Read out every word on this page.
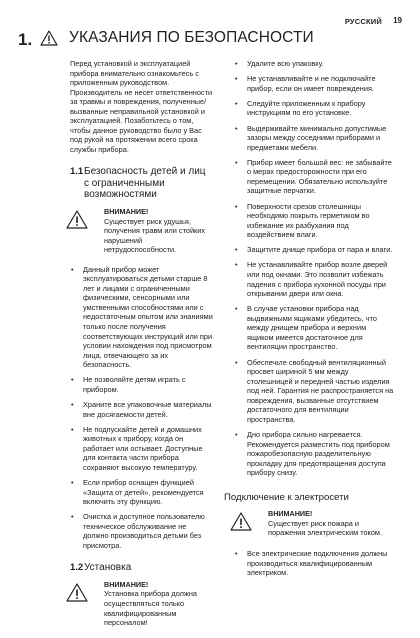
РУССКИЙ 19
1. УКАЗАНИЯ ПО БЕЗОПАСНОСТИ

Перед установкой и эксплуатацией прибора внимательно ознакомьтесь с приложенным руководством. Производитель не несет ответственности за травмы и повреждения, полученные/вызванные неправильной установкой и эксплуатацией. Позаботьтесь о том, чтобы данное руководство было у Вас под рукой на протяжении всего срока службы прибора.

1.1 Безопасность детей и лиц с ограниченными возможностями
ВНИМАНИЕ!
Существует риск удушья, получения травм или стойких нарушений нетрудоспособности.
• Данный прибор может эксплуатироваться детьми старше 8 лет и лицами с ограниченными физическими, сенсорными или умственными способностями или с недостаточным опытом или знаниями только после получения соответствующих инструкций или при условии нахождения под присмотром лица, отвечающего за их безопасность.
• Не позволяйте детям играть с прибором.
• Храните все упаковочные материалы вне досягаемости детей.
• Не подпускайте детей и домашних животных к прибору, когда он работает или остывает. Доступные для контакта части прибора сохраняют высокую температуру.
• Если прибор оснащен функцией «Защита от детей», рекомендуется включить эту функцию.
• Очистка и доступное пользователю техническое обслуживание не должно производиться детьми без присмотра.
1.2 Установка
ВНИМАНИЕ!
Установка прибора должна осуществляться только квалифицированным персоналом!
• Удалите всю упаковку.
• Не устанавливайте и не подключайте прибор, если он имеет повреждения.
• Следуйте приложенным к прибору инструкциям по его установке.
• Выдерживайте минимально допустимые зазоры между соседними приборами и предметами мебели.
• Прибор имеет большой вес: не забывайте о мерах предосторожности при его перемещении. Обязательно используйте защитные перчатки.
• Поверхности срезов столешницы необходимо покрыть герметиком во избежание их разбухания под воздействием влаги.
• Защитите днище прибора от пара и влаги.
• Не устанавливайте прибор возле дверей или под окнами. Это позволит избежать падения с прибора кухонной посуды при открывании двери или окна.
• В случае установки прибора над выдвижными ящиками убедитесь, что между днищем прибора и верхним ящиком имеется достаточное для вентиляции пространство.
• Обеспечьте свободный вентиляционный просвет шириной 5 мм между столешницей и передней частью изделия под ней. Гарантия не распространяется на повреждения, вызванные отсутствием достаточного для вентиляции пространства.
• Дно прибора сильно нагревается. Рекомендуется разместить под прибором пожаробезопасную разделительную прокладку для предотвращения доступа прибору снизу.
Подключение к электросети
ВНИМАНИЕ!
Существует риск пожара и поражения электрическим током.
• Все электрические подключения должны производиться квалифицированным электриком.
